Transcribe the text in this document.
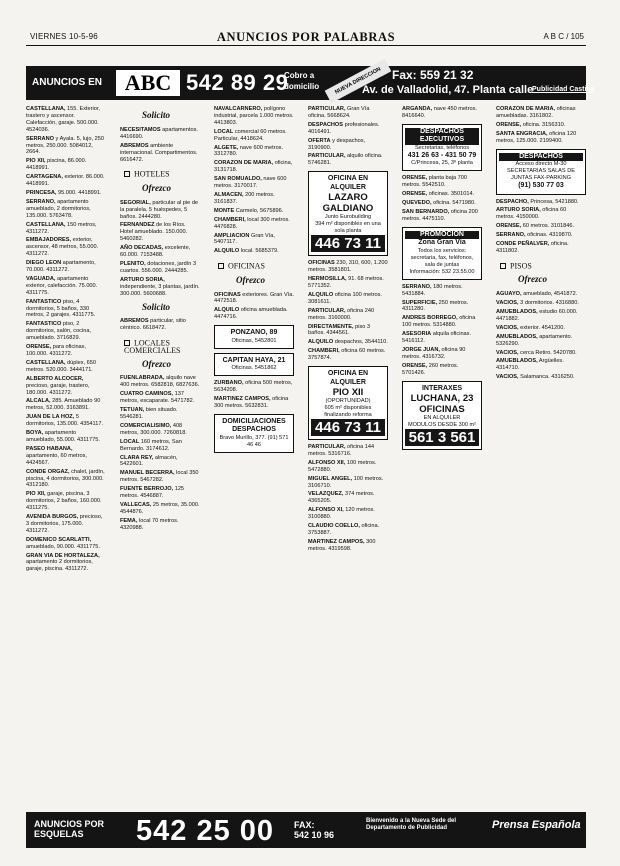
VIERNES 10-5-96	ANUNCIOS POR PALABRAS	A B C / 105
ANUNCIOS EN	ABC 542 89 29
Cobro a
domicilio	NUEVA DIRECCION Fax: 559 21 32
Av. de Valladolid, 47. Planta calle
Publicidad Castilla
CASTELLANA, 155. Exterior, trastero y ascensor. Calefacción, garaje. 500.000. 4524036.
SERRANO y Ayala. 5, lujo, 250 metros, 250.000. 5084012, 2664.
PIO XII, piscina, 86.000. 4418991.
CARTAGENA, exterior. 86.000. 4418991.
PRINCESA, 95.000. 4418991.
SERRANO, apartamento amueblado, 2 dormitorios, 135.000. 5763478.
CASTELLANA, 150 metros, 4311272.
EMBAJADORES, exterior, ascensor, 48 metros, 55.000. 4311272.
DIEGO LEON apartamento, 70.000. 4311272.
VAGUADA, apartamento exterior, calefacción. 75.000. 4311775.
FANTASTICO piso, 4 dormitorios, 5 baños, 330 metros, 2 garajes. 4311775.
FANTASTICO piso, 2 dormitorios, salón, cocina, amueblado. 3716829.
ORENSE, para oficinas, 100.000. 4311272.
CASTELLANA, dúplex, 650 metros. 520.000. 3444171.
ALBERTO ALCOCER, precioso, garaje, trastero, 180.000. 4311272.
ALCALA, 285. Amueblado 90 metros, 52.000. 3163891.
JUAN DE LA HOZ, 5 dormitorios, 135.000. 4354117.
BOYA, apartamento amueblado, 55.000. 4311775.
PASEO HABANA, apartamento, 60 metros, 4424567.
CONDE ORGAZ, chalet, jardín, piscina, 4 dormitorios, 300.000. 4312180.
PIO XII, garaje, piscina, 3 dormitorios, 2 baños, 160.000. 4311275.
AVENIDA BURGOS, precioso, 3 dormitorios, 175.000. 4311272.
DOMENICO SCARLATTI, amueblado, 90.000. 4311775.
GRAN VIA DE HORTALEZA, apartamento 2 dormitorios, garaje, piscina. 4311272.
Solicito
NECESITAMOS apartamentos. 4416690.
ABREMOS ambiente internacional. Compartimentos. 6616472.
HOTELES
Ofrezco
SEGORIAL, particular al pie de la paralela. 5 huéspedes, 5 baños. 2444280.
FERNANDEZ de los Ríos. Hotel amueblado. 150.000. 5460282.
AÑO DECADAS, excelente, 60.000. 7153488.
PLENITO, dotaciones, jardín 3 cuartos. 556.000. 2444285.
ARTURO SORIA, independiente, 3 plantas, jardín. 300.000. 5600688.
Solicito
ABREMOS particular, sitio céntrico. 6618472.
LOCALES COMERCIALES
Ofrezco
FUENLABRADA, alquilo nave 400 metros. 6582818, 6827636.
CUATRO CAMINOS, 137 metros, escaparate. 5471782.
TETUAN, bien situado. 5546281.
COMERCIALISIMO, 408 metros, 300.000. 7260818.
LOCAL 160 metros, San Bernardo. 3174612.
CLARA REY, almacén, 5422601.
MANUEL BECERRA, local 350 metros. 5467282.
FUENTE BERROJO, 125 metros. 4546887.
VALLECAS, 25 metros, 35.000. 4544876.
FEMA, local 70 metros. 4320988.
NAVALCARNERO, polígono industrial, parcela 1.000 metros. 4413803.
LOCAL comercial 60 metros. Particular, 4418624.
ALGETE, nave 600 metros. 3312780.
CORAZON DE MARIA, oficina, 3131718.
SAN ROMUALDO, nave 600 metros. 3170017.
ALMACEN, 200 metros. 3161837.
MONTE Carmelo, 5675896.
CHAMBERI, local 300 metros. 4476828.
AMPLIACION Gran Vía, 5407117.
ALQUILO local. 5685379.
OFICINAS
Ofrezco
OFICINAS exteriores. Gran Vía. 4472518.
ALQUILO oficina amueblada. 4474716.
PONZANO, 89
Oficinas, 5452801
CAPITAN HAYA, 21
Oficinas. 5451862
ZURBANO, oficina 500 metros, 5634208.
MARTINEZ CAMPOS, oficina 300 metros. 5632831.
DOMICILIACIONES DESPACHOS
Bravo Murillo, 377. (91) 571 46 46
PARTICULAR, Gran Vía oficina. 5668624.
DESPACHOS profesionales. 4016491.
OFERTA y despachos, 3190900.
PARTICULAR, alquilo oficina. 5746281.
OFICINA EN ALQUILER
LAZARO GALDIANO
Junto Eurobuilding
394 m² disponibles en una sola planta
446 73 11
OFICINAS 230, 310, 600, 1.200 metros. 3581801.
HERMOSILLA, 91. 68 metros. 5771352.
ALQUILO oficina 100 metros. 3081611.
PARTICULAR, oficina 240 metros. 3160000.
DIRECTAMENTE, piso 3 baños. 4344561.
ALQUILO despachos, 3544110.
CHAMBERI, oficina 60 metros. 3757874.
OFICINA EN ALQUILER
PIO XII
(OPORTUNIDAD)
605 m² disponibles finalizando reforma
446 73 11
PARTICULAR, oficina 144 metros. 5316716.
ALFONSO XII, 100 metros. 5472880.
MIGUEL ANGEL, 100 metros. 3106710.
VELAZQUEZ, 374 metros. 4365205.
ALFONSO XI, 120 metros. 3100880.
CLAUDIO COELLO, oficina. 3753887.
MARTINEZ CAMPOS, 300 metros. 4319598.
ARGANDA, nave 450 metros. 8416640.
DESPACHOS EJECUTIVOS
Secretarias, teléfonos
431 26 63 - 431 50 79
C/Princesa, 25, 3º planta
ORENSE, planta baja 700 metros. 5542510.
ORENSE, oficinas. 3501014.
QUEVEDO, oficina. 5471980.
SAN BERNARDO, oficina 200 metros. 4475110.
PROMOCION
Zona Gran Vía
Todos los servicios: secretaria, fax, teléfonos, sala de juntas
Información: 532 23.55.00
SERRANO, 180 metros. 5431884.
SUPERFICIE, 250 metros. 4311280.
ANDRES BORREGO, oficina 100 metros. 5314880.
ASESORIA alquila oficinas. 5416112.
JORGE JUAN, oficina 90 metros. 4316732.
ORENSE, 260 metros. 5701426.
INTERAXES
LUCHANA, 23
OFICINAS
EN ALQUILER
MODULOS DESDE 300 m²
561 3 561
CORAZON DE MARIA, oficinas amuebladas. 3161802.
ORENSE, oficina. 3156310.
SANTA ENGRACIA, oficina 120 metros, 125.000. 2199400.
DESPACHOS
Acceso directo M-30
SECRETARIAS SALAS DE JUNTAS FAX-PARKING
(91) 530 77 03
DESPACHO, Princesa, 5421880.
ARTURO SORIA, oficina 60 metros. 4150000.
ORENSE, 60 metros. 3101846.
SERRANO, oficinas. 4319870.
CONDE PEÑALVER, oficina. 4311802.
PISOS
Ofrezco
AGUAYO, amueblado, 4541872.
VACIOS, 3 dormitorios. 4316880.
AMUEBLADOS, estudio 60.000. 4471882.
VACIOS, exterior. 4541200.
AMUEBLADOS, apartamento. 5326290.
VACIOS, cerca Retiro. 5420780.
AMUEBLADOS, Argüelles. 4314710.
VACIOS, Salamanca. 4316250.
ANUNCIOS POR
ESQUELAS	542 25 00 FAX:
542 10 96
Bienvenido a la Nueva Sede del Departamento de Publicidad	Prensa Española
